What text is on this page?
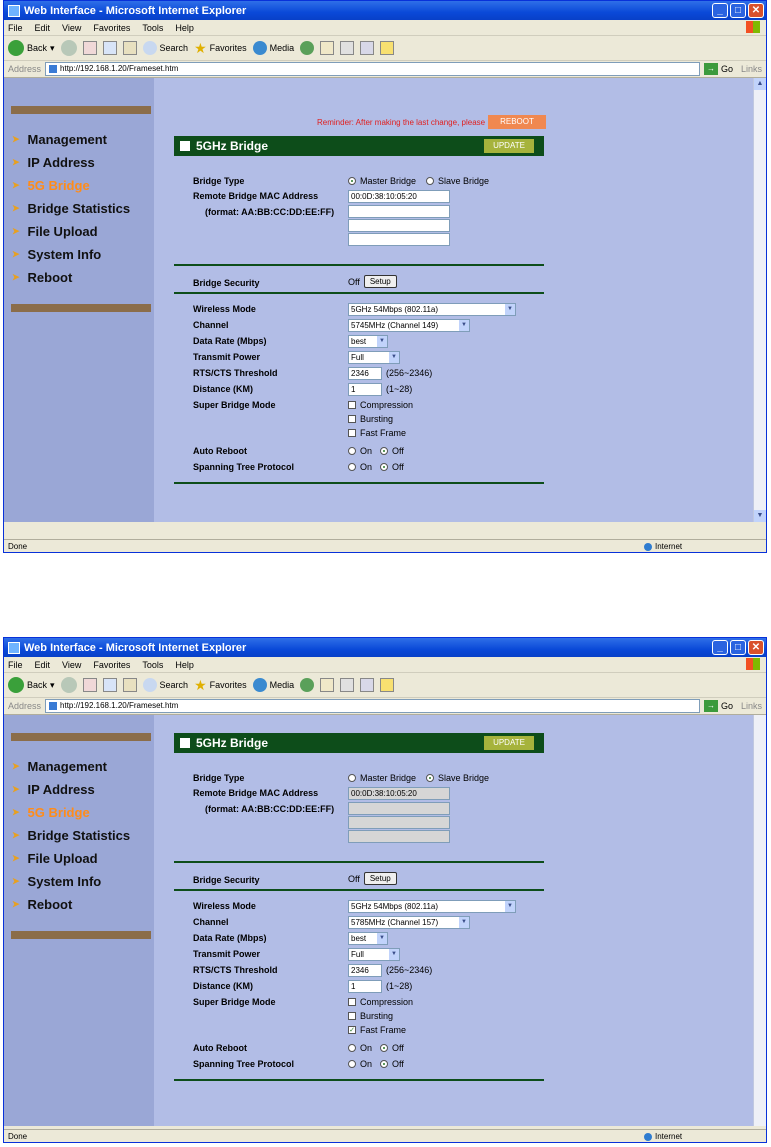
Web Interface - Microsoft Internet Explorer	_	□	✕
File Edit View Favorites Tools Help
Back ▾	Search ★ Favorites	Media
Address	http://192.168.1.20/Frameset.htm	→ Go Links
➤ Management
➤ IP Address
➤ 5G Bridge
➤ Bridge Statistics
➤ File Upload
➤ System Info
➤ Reboot
Reminder: After making the last change, please	REBOOT
5GHz Bridge	UPDATE
Bridge Type	Master Bridge Slave Bridge
Remote Bridge MAC Address	00:0D:38:10:05:20
(format: AA:BB:CC:DD:EE:FF)
Bridge Security	Off	Setup
Wireless Mode	5GHz 54Mbps (802.11a)	▼
Channel	5745MHz (Channel 149)	▼
Data Rate (Mbps)	best	▼
Transmit Power	Full	▼
RTS/CTS Threshold	2346	(256~2346)
Distance (KM)	1	(1~28)
Super Bridge Mode	Compression
Bursting
Fast Frame
Auto Reboot	On Off
Spanning Tree Protocol	On Off
▲
▼
Done	Internet
Web Interface - Microsoft Internet Explorer	_	□	✕
File Edit View Favorites Tools Help
Back ▾	Search ★ Favorites	Media
Address	http://192.168.1.20/Frameset.htm	→ Go Links
➤ Management
➤ IP Address
➤ 5G Bridge
➤ Bridge Statistics
➤ File Upload
➤ System Info
➤ Reboot
5GHz Bridge	UPDATE
Bridge Type	Master Bridge Slave Bridge
Remote Bridge MAC Address	00:0D:38:10:05:20
(format: AA:BB:CC:DD:EE:FF)
Bridge Security	Off	Setup
Wireless Mode	5GHz 54Mbps (802.11a)	▼
Channel	5785MHz (Channel 157)	▼
Data Rate (Mbps)	best	▼
Transmit Power	Full	▼
RTS/CTS Threshold	2346	(256~2346)
Distance (KM)	1	(1~28)
Super Bridge Mode	Compression
Bursting
✓ Fast Frame
Auto Reboot	On Off
Spanning Tree Protocol	On Off
Done	Internet
